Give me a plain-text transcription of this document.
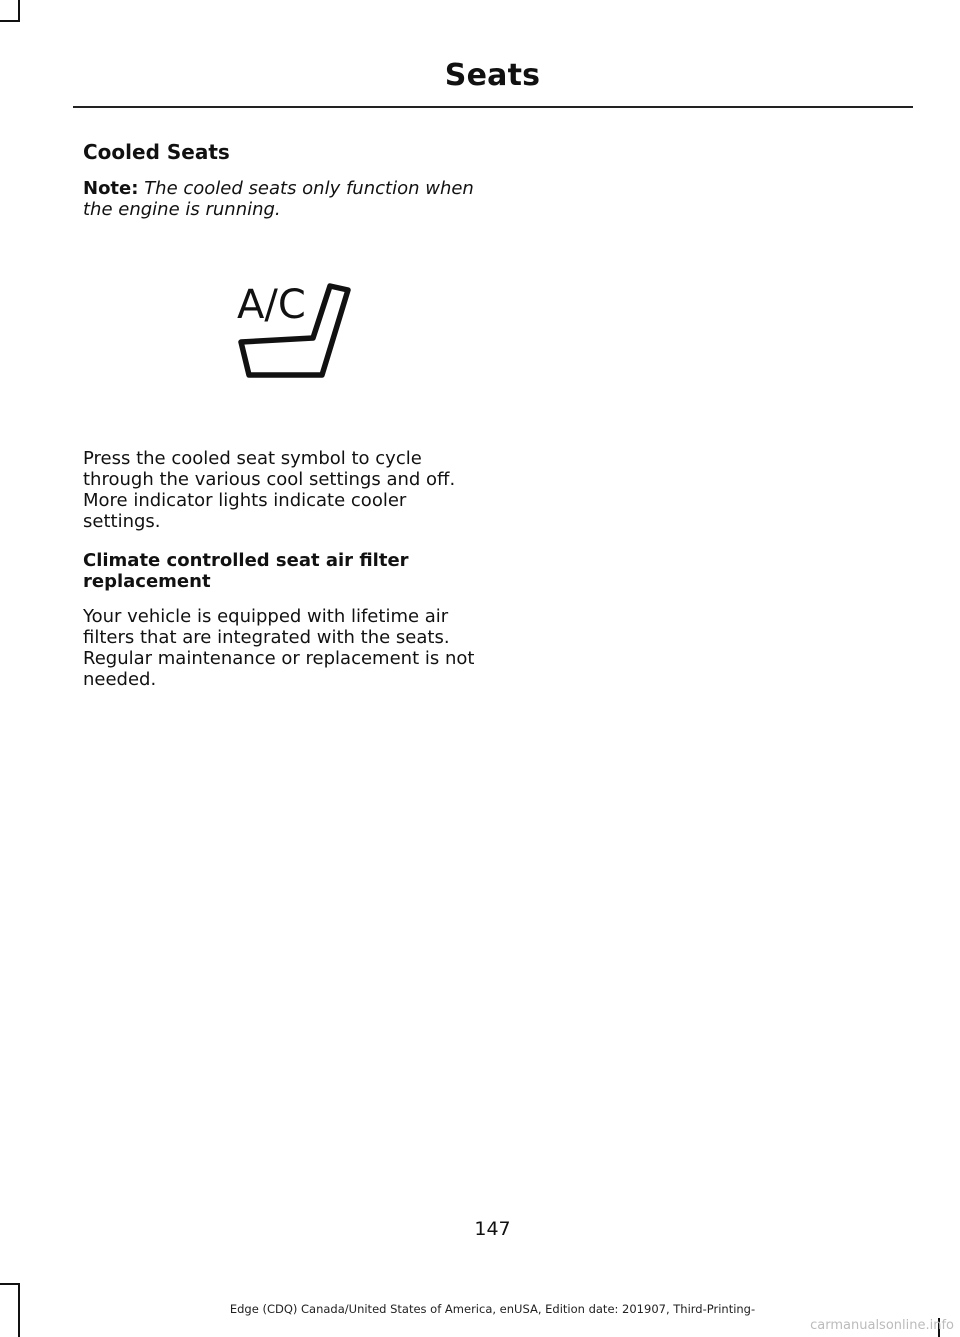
Seats
Cooled Seats

Note: The cooled seats only function when the engine is running.

A/C

Press the cooled seat symbol to cycle through the various cool settings and off. More indicator lights indicate cooler settings.

Climate controlled seat air filter replacement

Your vehicle is equipped with lifetime air filters that are integrated with the seats. Regular maintenance or replacement is not needed.

147
Edge (CDQ) Canada/United States of America, enUSA, Edition date: 201907, Third-Printing-
carmanualsonline.info
